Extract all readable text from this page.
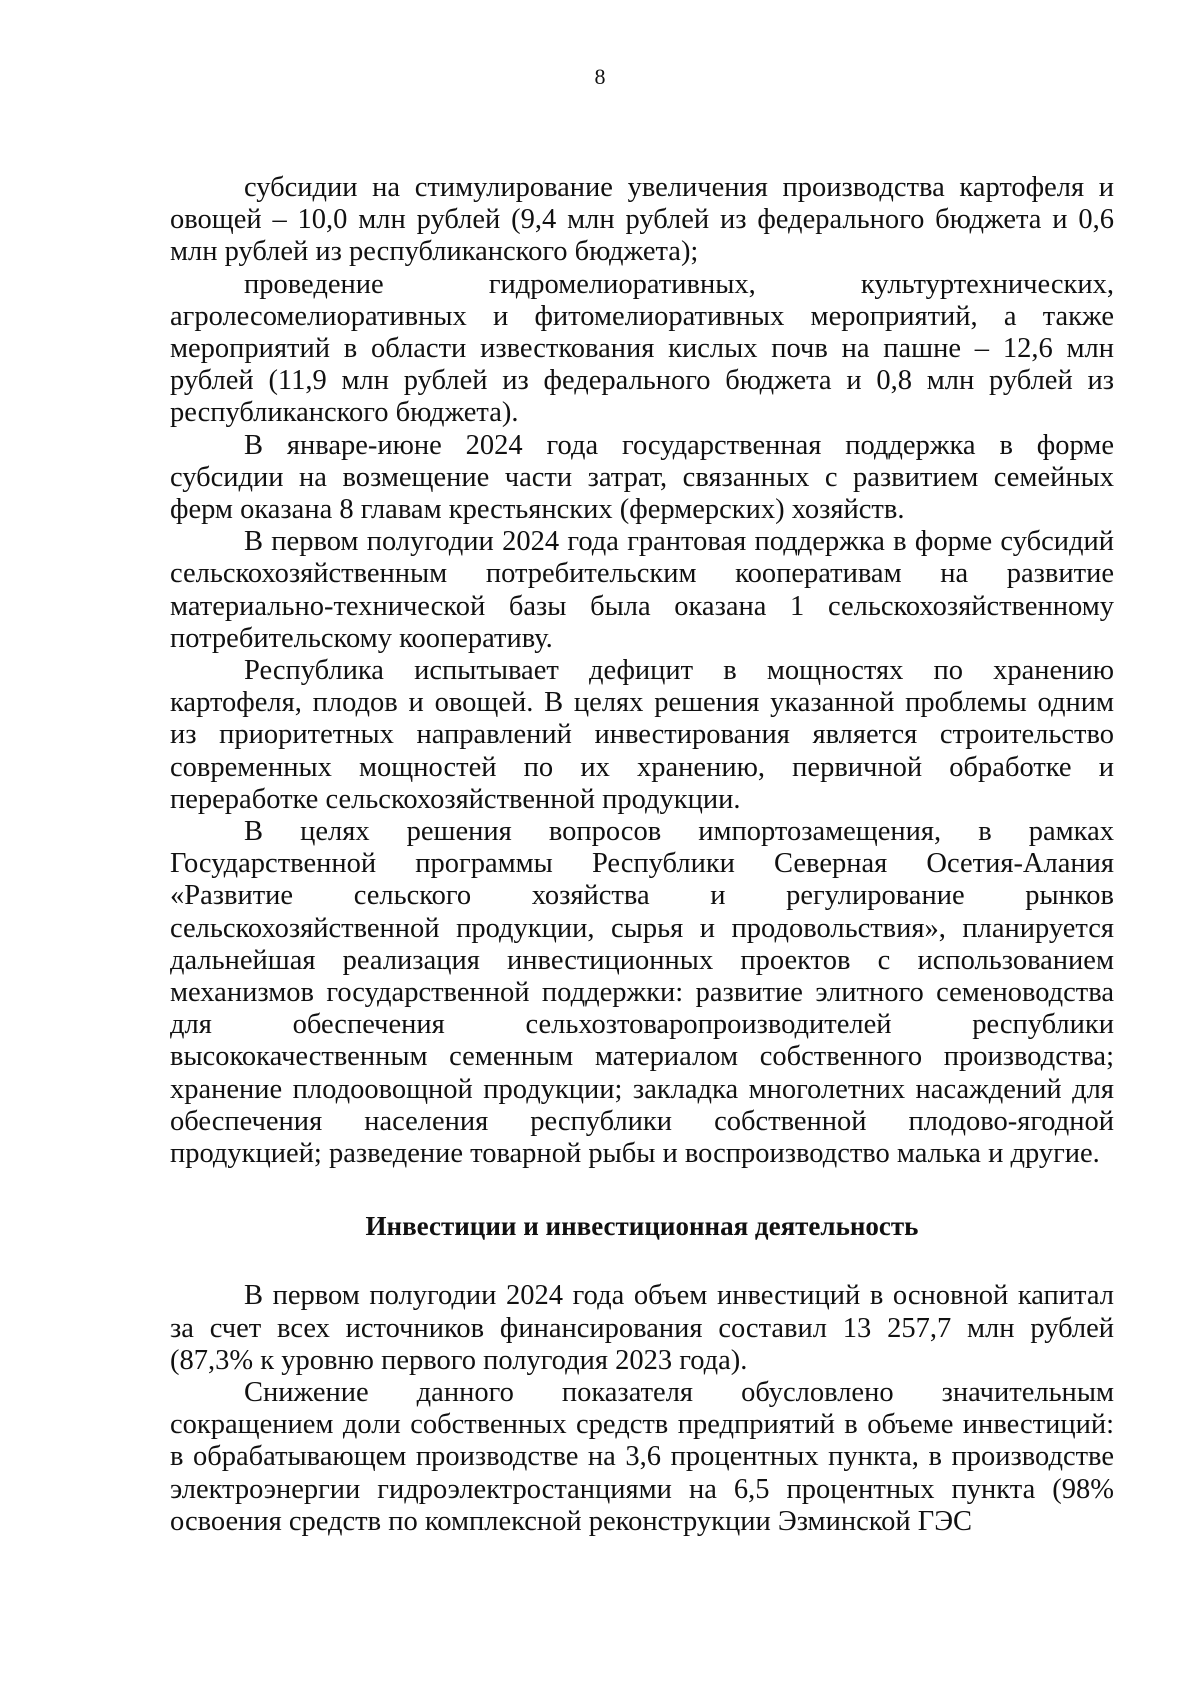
8

субсидии на стимулирование увеличения производства картофеля и овощей – 10,0 млн рублей (9,4 млн рублей из федерального бюджета и 0,6 млн рублей из республиканского бюджета);

проведение гидромелиоративных, культуртехнических, агролесомелиоративных и фитомелиоративных мероприятий, а также мероприятий в области известкования кислых почв на пашне – 12,6 млн рублей (11,9 млн рублей из федерального бюджета и 0,8 млн рублей из республиканского бюджета).

В январе-июне 2024 года государственная поддержка в форме субсидии на возмещение части затрат, связанных с развитием семейных ферм оказана 8 главам крестьянских (фермерских) хозяйств.

В первом полугодии 2024 года грантовая поддержка в форме субсидий сельскохозяйственным потребительским кооперативам на развитие материально-технической базы была оказана 1 сельскохозяйственному потребительскому кооперативу.

Республика испытывает дефицит в мощностях по хранению картофеля, плодов и овощей. В целях решения указанной проблемы одним из приоритетных направлений инвестирования является строительство современных мощностей по их хранению, первичной обработке и переработке сельскохозяйственной продукции.

В целях решения вопросов импортозамещения, в рамках Государственной программы Республики Северная Осетия-Алания «Развитие сельского хозяйства и регулирование рынков сельскохозяйственной продукции, сырья и продовольствия», планируется дальнейшая реализация инвестиционных проектов с использованием механизмов государственной поддержки: развитие элитного семеноводства для обеспечения сельхозтоваропроизводителей республики высококачественным семенным материалом собственного производства; хранение плодоовощной продукции; закладка многолетних насаждений для обеспечения населения республики собственной плодово-ягодной продукцией; разведение товарной рыбы и воспроизводство малька и другие.

Инвестиции и инвестиционная деятельность

В первом полугодии 2024 года объем инвестиций в основной капитал за счет всех источников финансирования составил 13 257,7 млн рублей (87,3% к уровню первого полугодия 2023 года).

Снижение данного показателя обусловлено значительным сокращением доли собственных средств предприятий в объеме инвестиций: в обрабатывающем производстве на 3,6 процентных пункта, в производстве электроэнергии гидроэлектростанциями на 6,5 процентных пункта (98% освоения средств по комплексной реконструкции Эзминской ГЭС
